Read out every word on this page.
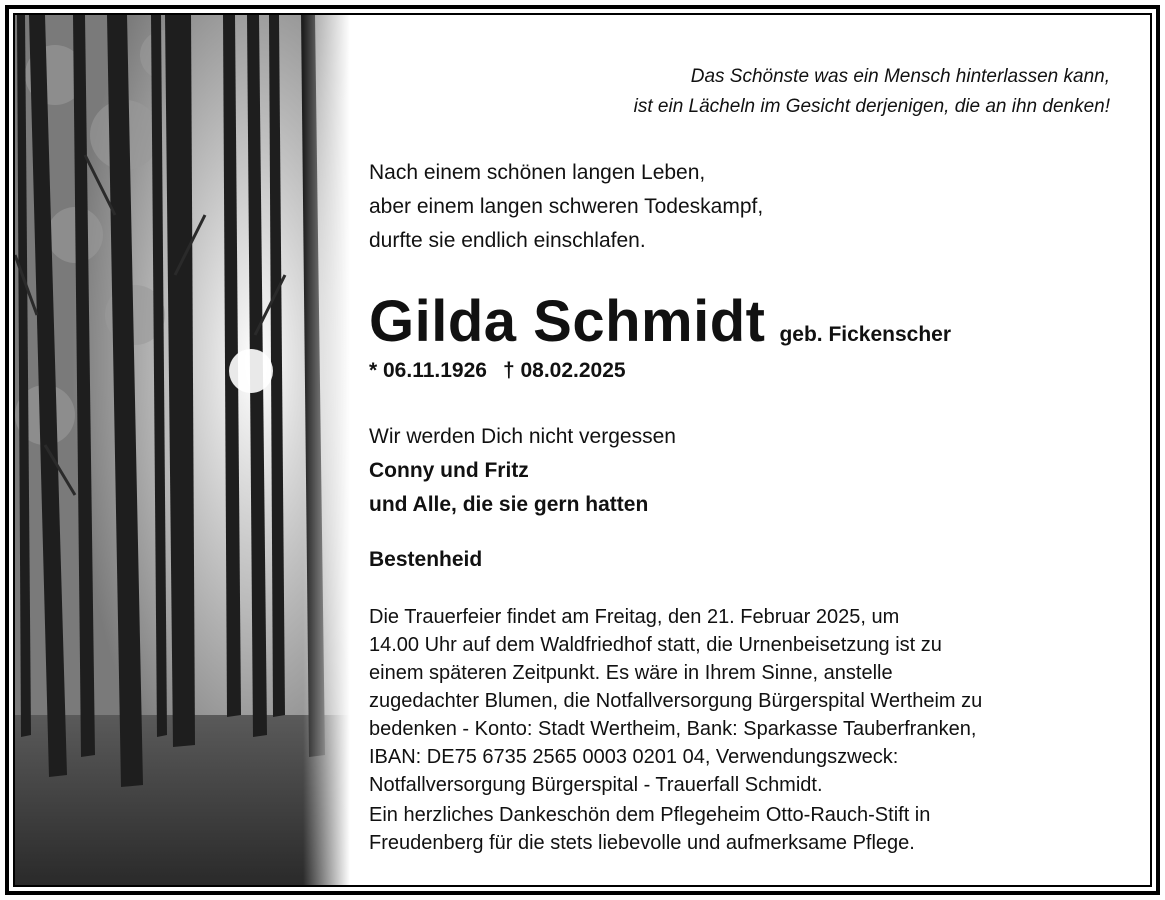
Das Schönste was ein Mensch hinterlassen kann,
ist ein Lächeln im Gesicht derjenigen, die an ihn denken!
Nach einem schönen langen Leben,
aber einem langen schweren Todeskampf,
durfte sie endlich einschlafen.
Gilda Schmidt geb. Fickenscher
* 06.11.1926 † 08.02.2025
Wir werden Dich nicht vergessen
Conny und Fritz
und Alle, die sie gern hatten
Bestenheid
Die Trauerfeier findet am Freitag, den 21. Februar 2025, um
14.00 Uhr auf dem Waldfriedhof statt, die Urnenbeisetzung ist zu
einem späteren Zeitpunkt. Es wäre in Ihrem Sinne, anstelle
zugedachter Blumen, die Notfallversorgung Bürgerspital Wertheim zu
bedenken - Konto: Stadt Wertheim, Bank: Sparkasse Tauberfranken,
IBAN: DE75 6735 2565 0003 0201 04, Verwendungszweck:
Notfallversorgung Bürgerspital - Trauerfall Schmidt.
Ein herzliches Dankeschön dem Pflegeheim Otto-Rauch-Stift in
Freudenberg für die stets liebevolle und aufmerksame Pflege.
